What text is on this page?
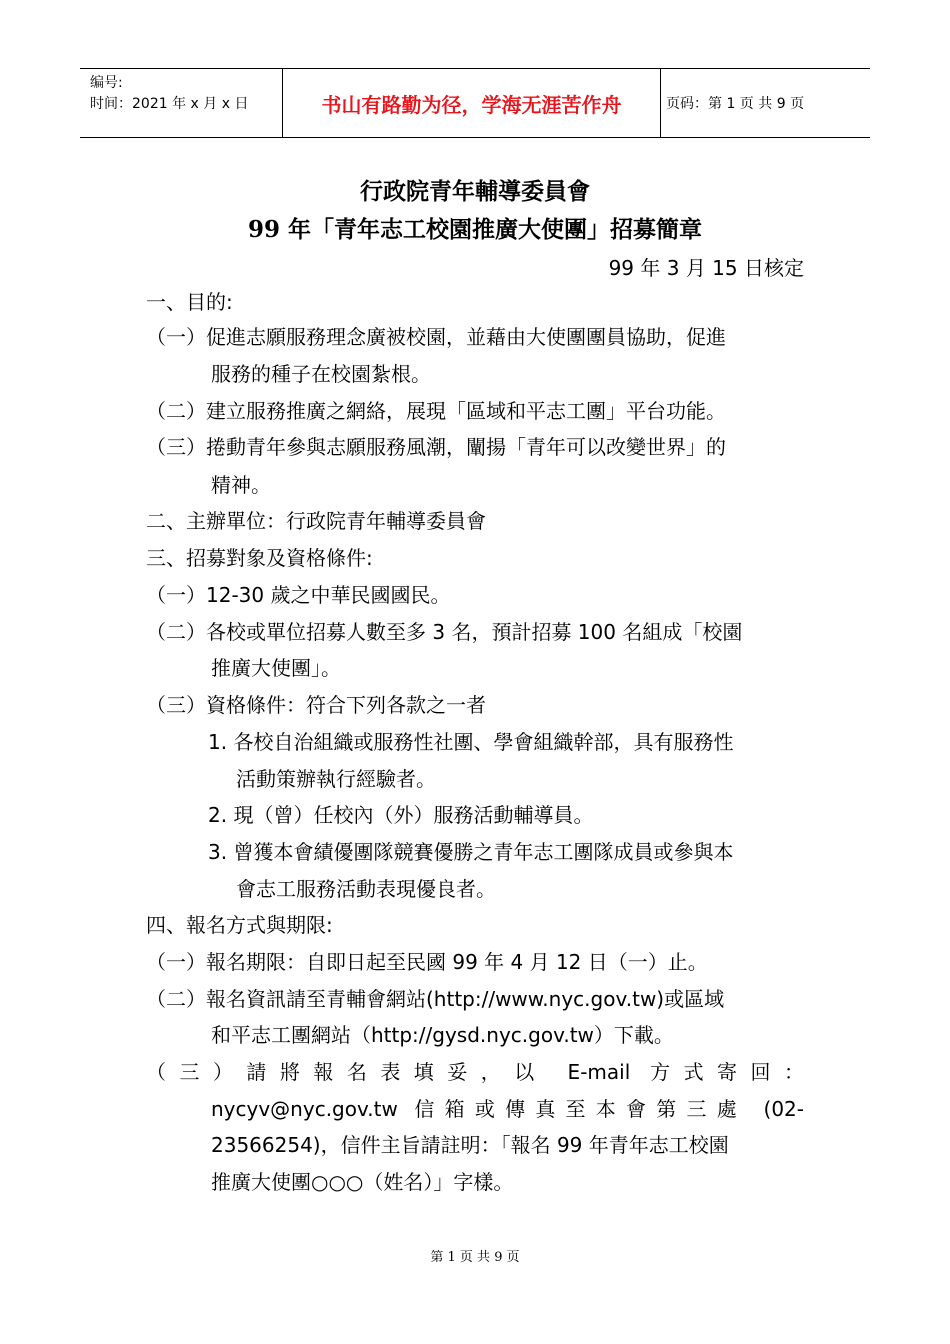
编号:
时间：2021 年 x 月 x 日	书山有路勤为径，学海无涯苦作舟	页码：第 1 页 共 9 页
行政院青年輔導委員會
99 年「青年志工校園推廣大使團」招募簡章
99 年 3 月 15 日核定
一、目的:
（一）促進志願服務理念廣被校園，並藉由大使團團員協助，促進
服務的種子在校園紮根。
（二）建立服務推廣之網絡，展現「區域和平志工團」平台功能。
（三）捲動青年參與志願服務風潮，闡揚「青年可以改變世界」的
精神。
二、主辦單位：行政院青年輔導委員會
三、招募對象及資格條件:
（一）12-30 歲之中華民國國民。
（二）各校或單位招募人數至多 3 名，預計招募 100 名組成「校園
推廣大使團」。
（三）資格條件：符合下列各款之一者
1. 各校自治組織或服務性社團、學會組織幹部，具有服務性
活動策辦執行經驗者。
2. 現（曾）任校內（外）服務活動輔導員。
3. 曾獲本會績優團隊競賽優勝之青年志工團隊成員或參與本
會志工服務活動表現優良者。
四、報名方式與期限:
（一）報名期限：自即日起至民國 99 年 4 月 12 日（一）止。
（二）報名資訊請至青輔會網站(http://www.nyc.gov.tw)或區域
和平志工團網站（http://gysd.nyc.gov.tw）下載。
（三）請將報名表填妥，以 E-mail 方式寄回：
nycyv@nyc.gov.tw 信箱或傳真至本會第三處 (02-
23566254)，信件主旨請註明：「報名 99 年青年志工校園
推廣大使團○○○（姓名）」字樣。
第 1 页 共 9 页
